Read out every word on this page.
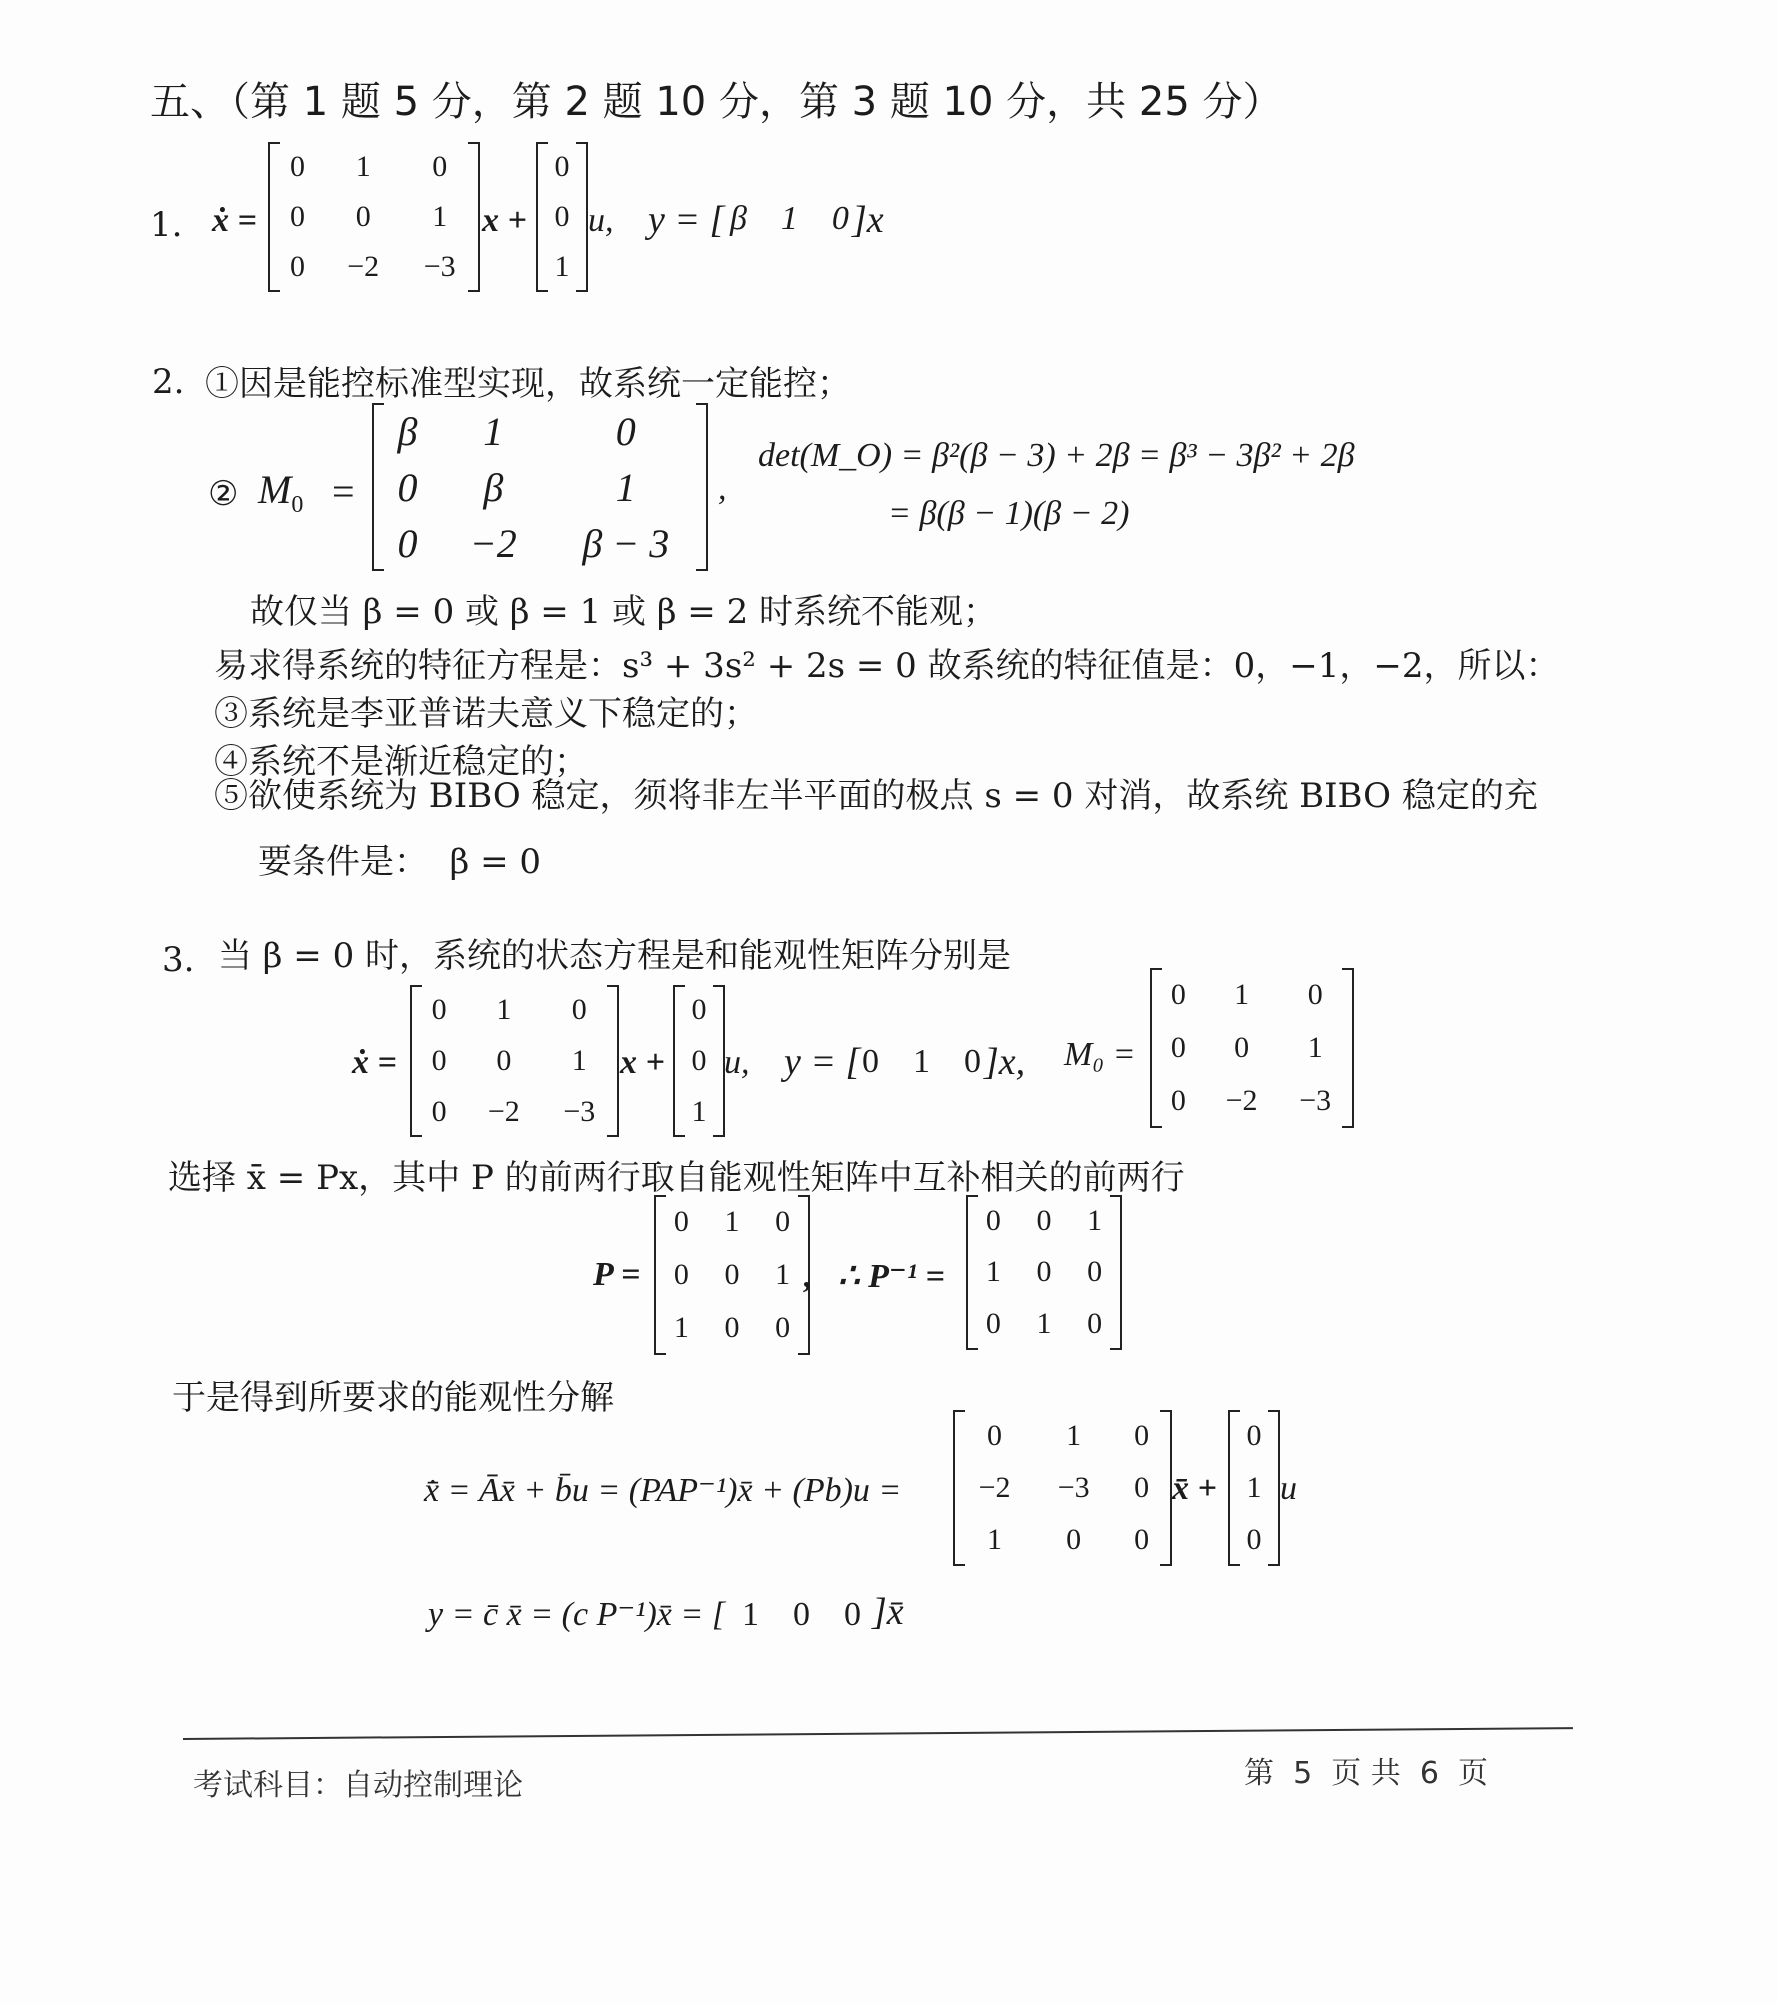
五、（第 1 题 5 分，第 2 题 10 分，第 3 题 10 分，共 25 分）
1. ẋ =
0	1	0
0	0	1
0	−2	−3
x +
0
0
1
u, y = [ β    1    0 ]x
2. ①因是能控标准型实现，故系统一定能控；
② $M_0$ =
β	1	0
0	β	1
0	−2	β − 3
,
det(M_O) = β²(β − 3) + 2β = β³ − 3β² + 2β
= β(β − 1)(β − 2)
故仅当 β = 0 或 β = 1 或 β = 2 时系统不能观；
易求得系统的特征方程是：s³ + 3s² + 2s = 0 故系统的特征值是：0，−1，−2，所以：
③系统是李亚普诺夫意义下稳定的；
④系统不是渐近稳定的；
⑤欲使系统为 BIBO 稳定，须将非左半平面的极点 s = 0 对消，故系统 BIBO 稳定的充
要条件是：  β = 0
3. 当 β = 0 时，系统的状态方程是和能观性矩阵分别是
ẋ =
0	1	0
0	0	1
0	−2	−3
x +
0
0
1
u, y = [ 0    1    0 ]x, M₀ =
0	1	0
0	0	1
0	−2	−3
选择 x̄ = Px，其中 P 的前两行取自能观性矩阵中互补相关的前两行
P =
0	1	0
0	0	1
1	0	0
,   ∴ P⁻¹ =
0	0	1
1	0	0
0	1	0
于是得到所要求的能观性分解
x̄̇ = Āx̄ + b̄u = (PAP⁻¹)x̄ + (Pb)u =
0	1	0
−2	−3	0
1	0	0
x̄ +
0
1
0
u
y = c̄ x̄ = (c P⁻¹)x̄ = [ 1    0    0 ]x̄
考试科目：自动控制理论	第  5  页 共  6  页
